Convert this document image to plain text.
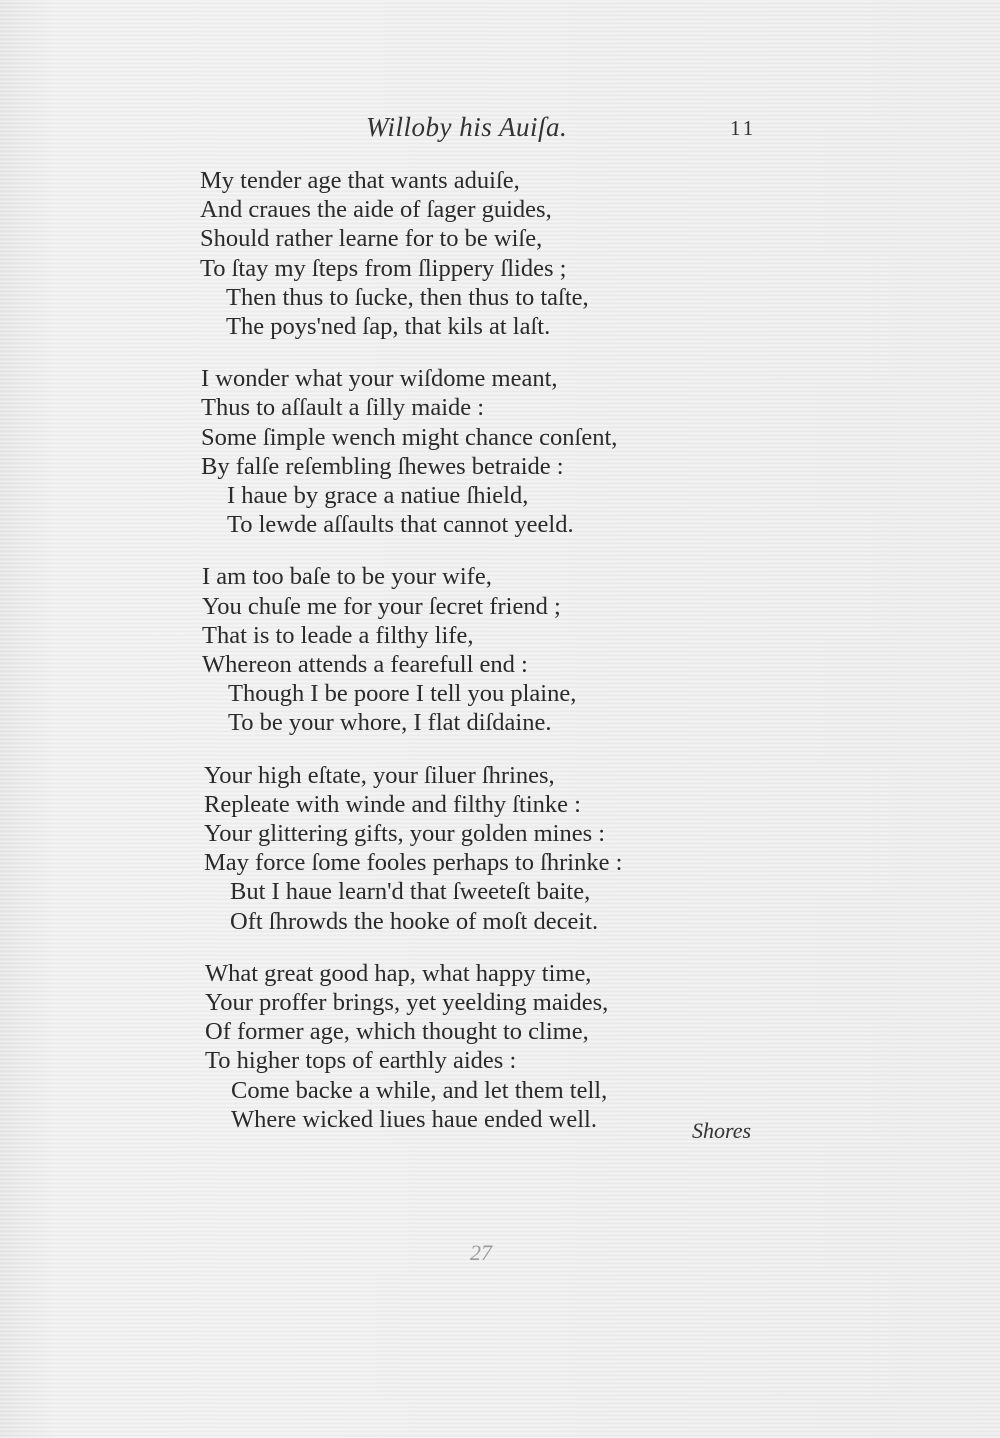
Willoby his Auiſa.	11
My tender age that wants aduiſe,
And craues the aide of ſager guides,
Should rather learne for to be wiſe,
To ſtay my ſteps from ſlippery ſlides ;
Then thus to ſucke, then thus to taſte,
The poys'ned ſap, that kils at laſt.
I wonder what your wiſdome meant,
Thus to aſſault a ſilly maide :
Some ſimple wench might chance conſent,
By falſe reſembling ſhewes betraide :
I haue by grace a natiue ſhield,
To lewde aſſaults that cannot yeeld.
I am too baſe to be your wife,
You chuſe me for your ſecret friend ;
That is to leade a filthy life,
Whereon attends a fearefull end :
Though I be poore I tell you plaine,
To be your whore, I flat diſdaine.
Your high eſtate, your ſiluer ſhrines,
Repleate with winde and filthy ſtinke :
Your glittering gifts, your golden mines :
May force ſome fooles perhaps to ſhrinke :
But I haue learn'd that ſweeteſt baite,
Oft ſhrowds the hooke of moſt deceit.
What great good hap, what happy time,
Your proffer brings, yet yeelding maides,
Of former age, which thought to clime,
To higher tops of earthly aides :
Come backe a while, and let them tell,
Where wicked liues haue ended well.	Shores
27
